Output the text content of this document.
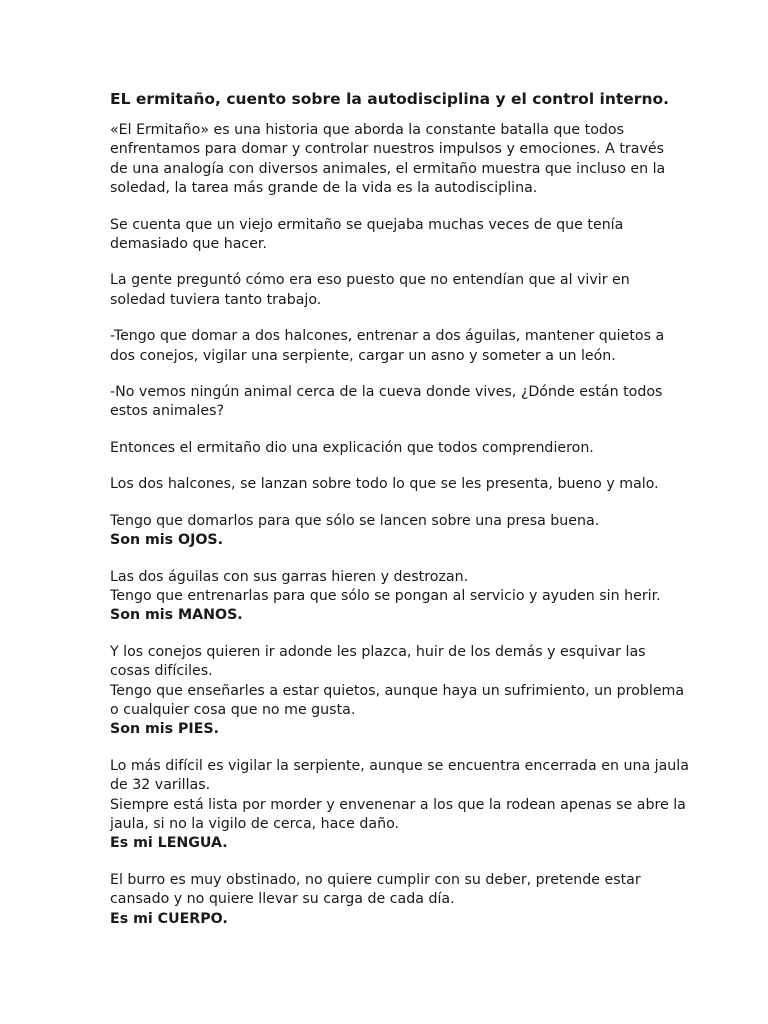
EL ermitaño, cuento sobre la autodisciplina y el control interno.
«El Ermitaño» es una historia que aborda la constante batalla que todos
enfrentamos para domar y controlar nuestros impulsos y emociones. A través
de una analogía con diversos animales, el ermitaño muestra que incluso en la
soledad, la tarea más grande de la vida es la autodisciplina.
Se cuenta que un viejo ermitaño se quejaba muchas veces de que tenía
demasiado que hacer.
La gente preguntó cómo era eso puesto que no entendían que al vivir en
soledad tuviera tanto trabajo.
-Tengo que domar a dos halcones, entrenar a dos águilas, mantener quietos a
dos conejos, vigilar una serpiente, cargar un asno y someter a un león.
-No vemos ningún animal cerca de la cueva donde vives, ¿Dónde están todos
estos animales?
Entonces el ermitaño dio una explicación que todos comprendieron.
Los dos halcones, se lanzan sobre todo lo que se les presenta, bueno y malo.
Tengo que domarlos para que sólo se lancen sobre una presa buena.
Son mis OJOS.
Las dos águilas con sus garras hieren y destrozan.
Tengo que entrenarlas para que sólo se pongan al servicio y ayuden sin herir.
Son mis MANOS.
Y los conejos quieren ir adonde les plazca, huir de los demás y esquivar las
cosas difíciles.
Tengo que enseñarles a estar quietos, aunque haya un sufrimiento, un problema
o cualquier cosa que no me gusta.
Son mis PIES.
Lo más difícil es vigilar la serpiente, aunque se encuentra encerrada en una jaula
de 32 varillas.
Siempre está lista por morder y envenenar a los que la rodean apenas se abre la
jaula, si no la vigilo de cerca, hace daño.
Es mi LENGUA.
El burro es muy obstinado, no quiere cumplir con su deber, pretende estar
cansado y no quiere llevar su carga de cada día.
Es mi CUERPO.
